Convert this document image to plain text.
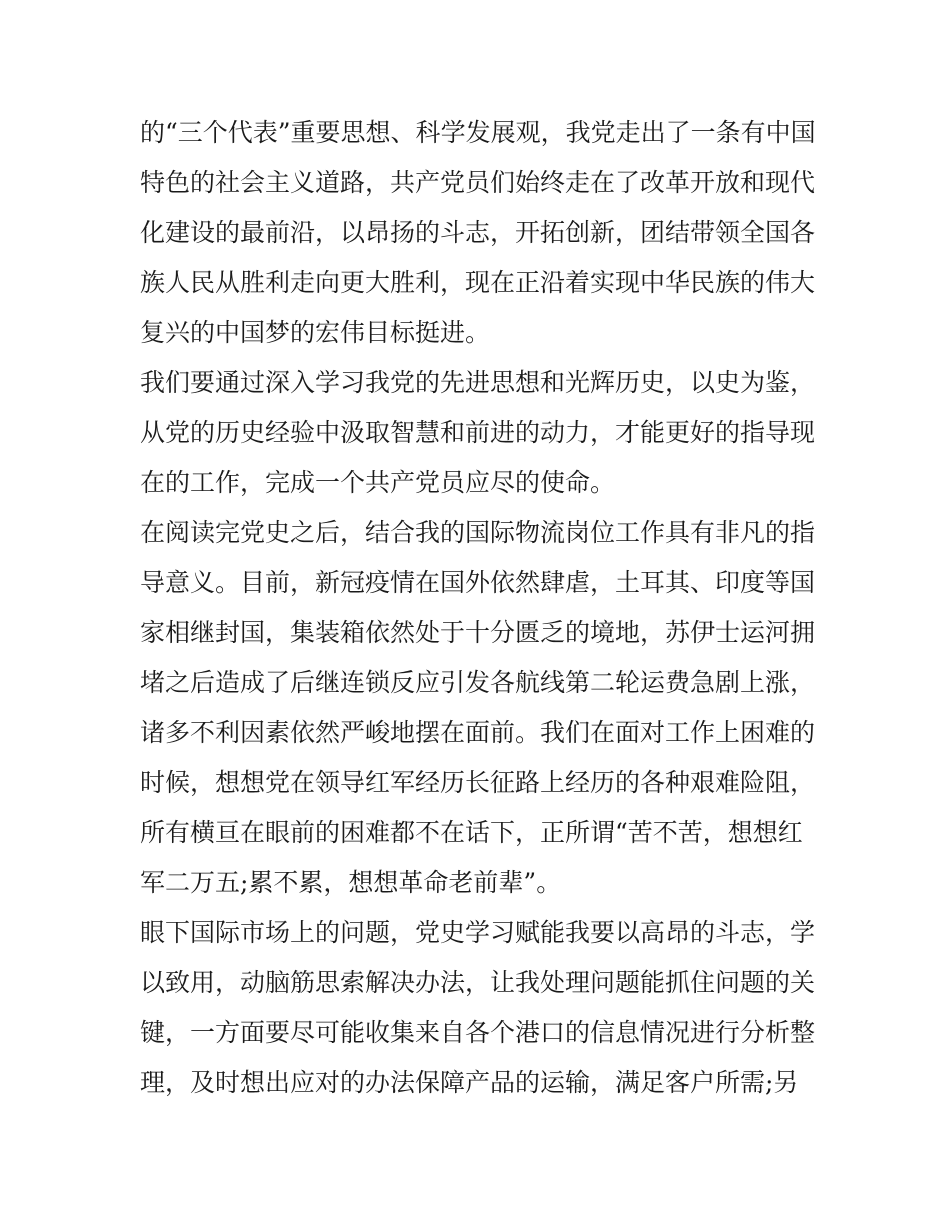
的“三个代表”重要思想、科学发展观，我党走出了一条有中国
特色的社会主义道路，共产党员们始终走在了改革开放和现代
化建设的最前沿，以昂扬的斗志，开拓创新，团结带领全国各
族人民从胜利走向更大胜利，现在正沿着实现中华民族的伟大
复兴的中国梦的宏伟目标挺进。
我们要通过深入学习我党的先进思想和光辉历史，以史为鉴，
从党的历史经验中汲取智慧和前进的动力，才能更好的指导现
在的工作，完成一个共产党员应尽的使命。
在阅读完党史之后，结合我的国际物流岗位工作具有非凡的指
导意义。目前，新冠疫情在国外依然肆虐，土耳其、印度等国
家相继封国，集装箱依然处于十分匮乏的境地，苏伊士运河拥
堵之后造成了后继连锁反应引发各航线第二轮运费急剧上涨，
诸多不利因素依然严峻地摆在面前。我们在面对工作上困难的
时候，想想党在领导红军经历长征路上经历的各种艰难险阻，
所有横亘在眼前的困难都不在话下，正所谓“苦不苦，想想红
军二万五;累不累，想想革命老前辈”。
眼下国际市场上的问题，党史学习赋能我要以高昂的斗志，学
以致用，动脑筋思索解决办法，让我处理问题能抓住问题的关
键，一方面要尽可能收集来自各个港口的信息情况进行分析整
理，及时想出应对的办法保障产品的运输，满足客户所需;另
